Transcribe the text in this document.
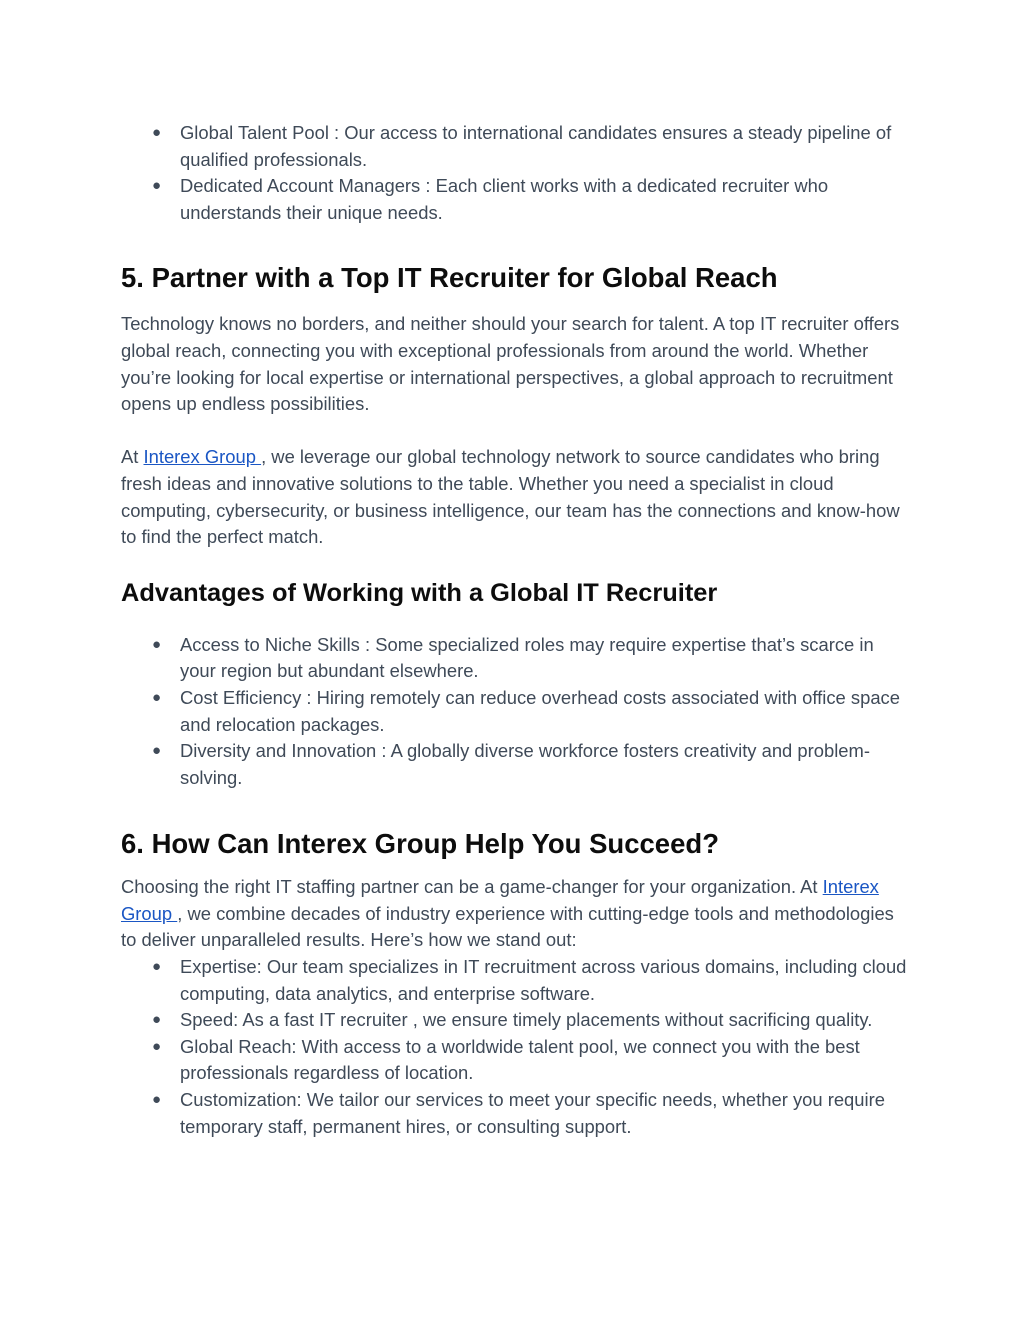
● Global Talent Pool : Our access to international candidates ensures a steady pipeline of qualified professionals.
● Dedicated Account Managers : Each client works with a dedicated recruiter who understands their unique needs.
5. Partner with a Top IT Recruiter for Global Reach

Technology knows no borders, and neither should your search for talent. A top IT recruiter offers global reach, connecting you with exceptional professionals from around the world. Whether you’re looking for local expertise or international perspectives, a global approach to recruitment opens up endless possibilities.

At Interex Group , we leverage our global technology network to source candidates who bring fresh ideas and innovative solutions to the table. Whether you need a specialist in cloud computing, cybersecurity, or business intelligence, our team has the connections and know-how to find the perfect match.

Advantages of Working with a Global IT Recruiter
● Access to Niche Skills : Some specialized roles may require expertise that’s scarce in your region but abundant elsewhere.
● Cost Efficiency : Hiring remotely can reduce overhead costs associated with office space and relocation packages.
● Diversity and Innovation : A globally diverse workforce fosters creativity and problem-solving.
6. How Can Interex Group Help You Succeed?

Choosing the right IT staffing partner can be a game-changer for your organization. At Interex Group , we combine decades of industry experience with cutting-edge tools and methodologies to deliver unparalleled results. Here’s how we stand out:

● Expertise: Our team specializes in IT recruitment across various domains, including cloud computing, data analytics, and enterprise software.
● Speed: As a fast IT recruiter , we ensure timely placements without sacrificing quality.
● Global Reach: With access to a worldwide talent pool, we connect you with the best professionals regardless of location.
● Customization: We tailor our services to meet your specific needs, whether you require temporary staff, permanent hires, or consulting support.
